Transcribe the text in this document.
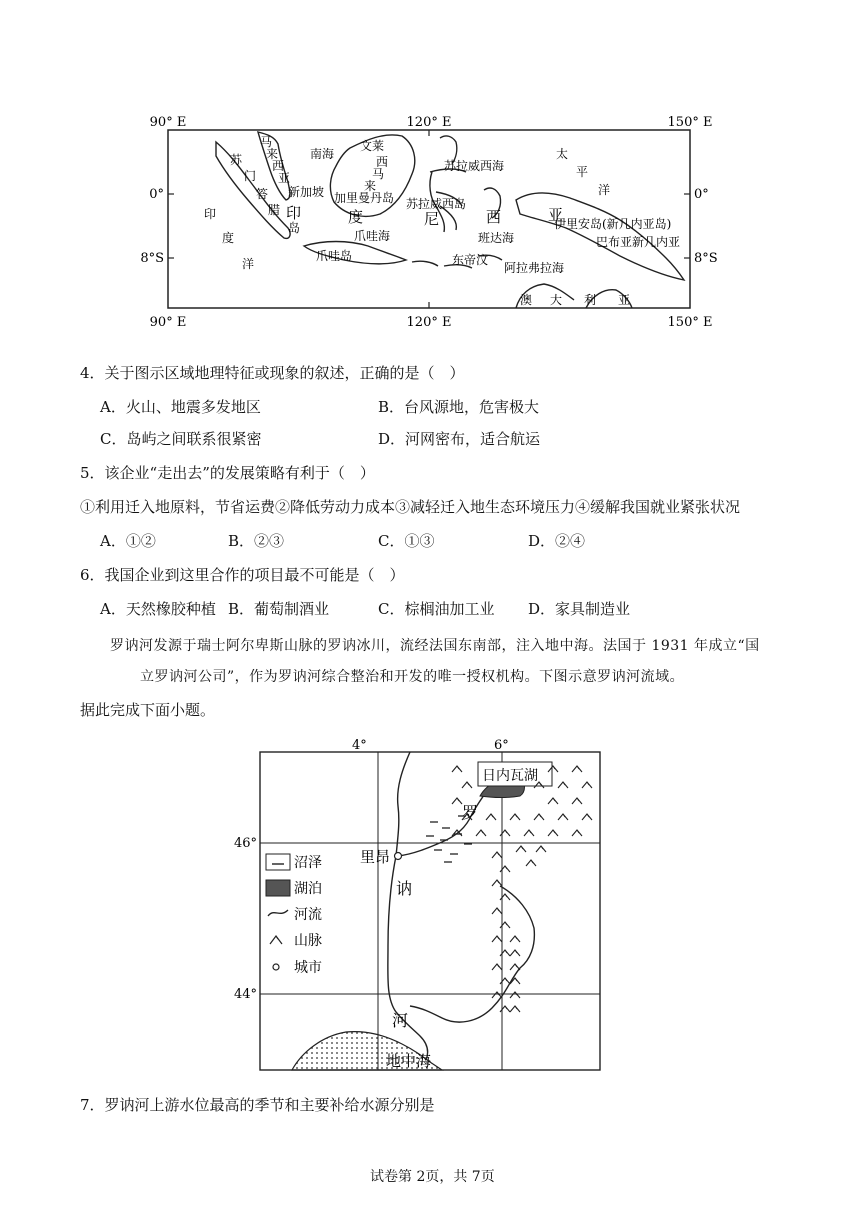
90° E	120° E	150° E
90° E	120° E	150° E
0°
8°S
0°
8°S
马
来
西
亚
南海
文莱
西
马
来
苏拉威西海
太
平
洋
苏
门
答
腊
新加坡
印
岛
加里曼丹岛
度
苏拉威西岛
尼	西	亚
伊里安岛(新几内亚岛)
巴布亚新几内亚
印
度
洋
爪哇海
爪哇岛
班达海
东帝汶
阿拉弗拉海
澳 大 利 亚
4．关于图示区域地理特征或现象的叙述，正确的是（　）
A．火山、地震多发地区	B．台风源地，危害极大
C．岛屿之间联系很紧密	D．河网密布，适合航运
5．该企业“走出去”的发展策略有利于（　）
①利用迁入地原料，节省运费②降低劳动力成本③减轻迁入地生态环境压力④缓解我国就业紧张状况
A．①②	B．②③	C．①③	D．②④
6．我国企业到这里合作的项目最不可能是（　）
A．天然橡胶种植 B．葡萄制酒业	C．棕榈油加工业 D．家具制造业
罗讷河发源于瑞士阿尔卑斯山脉的罗讷冰川，流经法国东南部，注入地中海。法国于 1931 年成立“国
立罗讷河公司”，作为罗讷河综合整治和开发的唯一授权机构。下图示意罗讷河流域。
据此完成下面小题。
4°	6°
46°
44°
日内瓦湖
地中海
里昂
罗
讷
河
沼泽
湖泊
河流
山脉
城市
7．罗讷河上游水位最高的季节和主要补给水源分别是
试卷第 2页，共 7页
